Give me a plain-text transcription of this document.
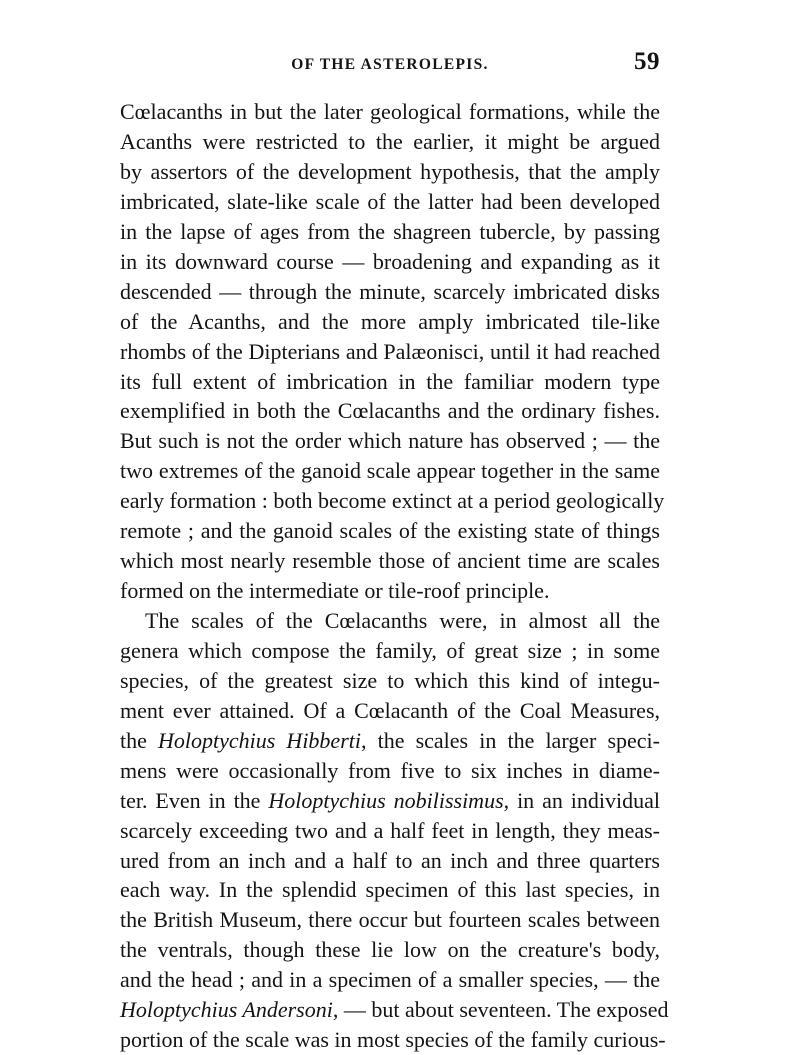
OF THE ASTEROLEPIS.	59
Cœlacanths in but the later geological formations, while the
Acanths were restricted to the earlier, it might be argued
by assertors of the development hypothesis, that the amply
imbricated, slate-like scale of the latter had been developed
in the lapse of ages from the shagreen tubercle, by passing
in its downward course — broadening and expanding as it
descended — through the minute, scarcely imbricated disks
of the Acanths, and the more amply imbricated tile-like
rhombs of the Dipterians and Palæonisci, until it had reached
its full extent of imbrication in the familiar modern type
exemplified in both the Cœlacanths and the ordinary fishes.
But such is not the order which nature has observed ; — the
two extremes of the ganoid scale appear together in the same
early formation : both become extinct at a period geologically
remote ; and the ganoid scales of the existing state of things
which most nearly resemble those of ancient time are scales
formed on the intermediate or tile-roof principle.
The scales of the Cœlacanths were, in almost all the
genera which compose the family, of great size ; in some
species, of the greatest size to which this kind of integu-
ment ever attained. Of a Cœlacanth of the Coal Measures,
the Holoptychius Hibberti, the scales in the larger speci-
mens were occasionally from five to six inches in diame-
ter. Even in the Holoptychius nobilissimus, in an individual
scarcely exceeding two and a half feet in length, they meas-
ured from an inch and a half to an inch and three quarters
each way. In the splendid specimen of this last species, in
the British Museum, there occur but fourteen scales between
the ventrals, though these lie low on the creature's body,
and the head ; and in a specimen of a smaller species, — the
Holoptychius Andersoni, — but about seventeen. The exposed
portion of the scale was in most species of the family curious-
